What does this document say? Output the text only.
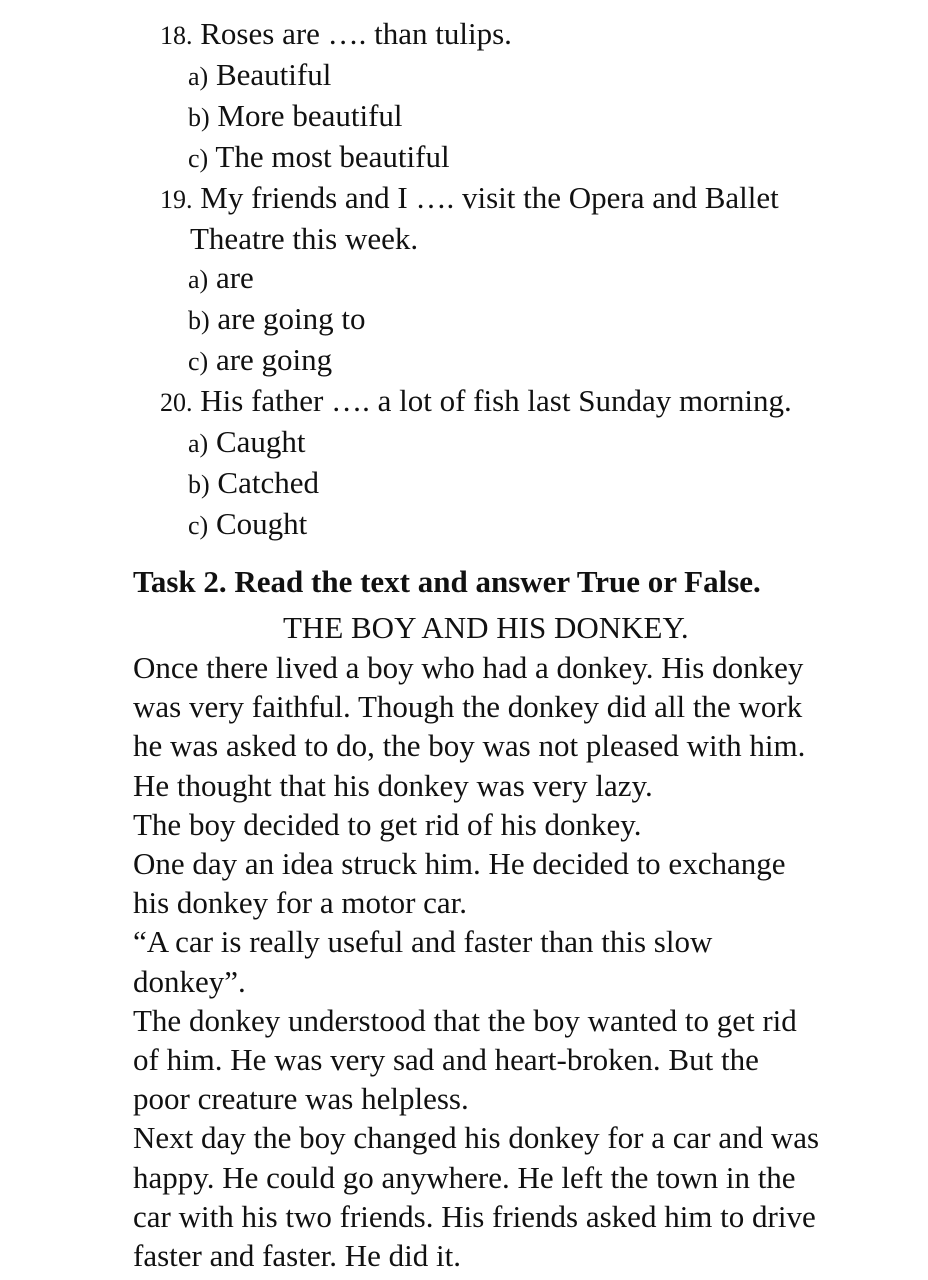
18. Roses are …. than tulips.
a) Beautiful
b) More beautiful
c) The most beautiful
19. My friends and I …. visit the Opera and Ballet
Theatre this week.
a) are
b) are going to
c) are going
20. His father …. a lot of fish last Sunday morning.
a) Caught
b) Catched
c) Cought
Task 2. Read the text and answer True or False.
THE BOY AND HIS DONKEY.
Once there lived a boy who had a donkey. His donkey
was very faithful. Though the donkey did all the work
he was asked to do, the boy was not pleased with him.
He thought that his donkey was very lazy.
The boy decided to get rid of his donkey.
One day an idea struck him. He decided to exchange
his donkey for a motor car.
“A car is really useful and faster than this slow
donkey”.
The donkey understood that the boy wanted to get rid
of him. He was very sad and heart-broken. But the
poor creature was helpless.
Next day the boy changed his donkey for a car and was
happy. He could go anywhere. He left the town in the
car with his two friends. His friends asked him to drive
faster and faster. He did it.
